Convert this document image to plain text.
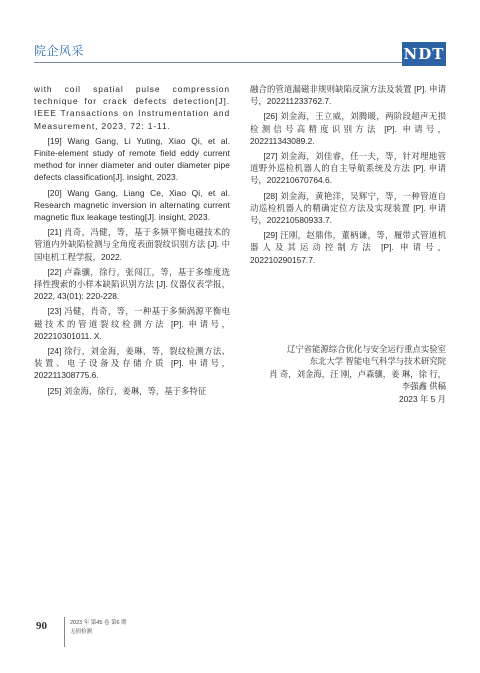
院企风采	NDT

with coil spatial pulse compression technique for crack defects detection[J]. IEEE Transactions on Instrumentation and Measurement, 2023, 72: 1-11.

[19] Wang Gang, Li Yuting, Xiao Qi, et al. Finite-element study of remote field eddy current method for inner diameter and outer diameter pipe defects classification[J]. insight, 2023.

[20] Wang Gang, Liang Ce, Xiao Qi, et al. Research magnetic inversion in alternating current magnetic flux leakage testing[J]. insight, 2023.

[21] 肖奇，冯健，等，基于多频平衡电磁技术的管道内外缺陷检测与全角度表面裂纹识别方法 [J]. 中国电机工程学报，2022.

[22] 卢森骧，徐行，张闯江，等，基于多维度选择性搜索的小样本缺陷识别方法 [J]. 仪器仪表学报，2022, 43(01): 220-228.

[23] 冯健，肖奇，等，一种基于多频涡源平衡电磁技术的管道裂纹检测方法 [P]. 申请号，202210301011. X.

[24] 徐行，刘金海，姜琳，等，裂纹检测方法、装置、电子设备及存储介质 [P]. 申请号，202211308775.6.

[25] 刘金海，徐行，姜琳，等，基于多特征

融合的管道漏磁非规则缺陷反演方法及装置 [P]. 申请号，202211233762.7.

[26] 刘金海，王立威，刘腾暖，两阶段超声无损检测信号高精度识别方法 [P]. 申请号，202211343089.2.

[27] 刘金海，刘佳睿，任一夫，等，针对埋地管道野外巡检机器人的自主导航系统及方法 [P]. 申请号，202210670764.6.

[28] 刘金海，黄艳洋，吴辉宁，等，一种管道自动巡检机器人的精确定位方法及实现装置 [P]. 申请号，202210580933.7.

[29] 汪刚，赵鼎伟，董柄谦，等，履带式管道机器人及其运动控制方法 [P]. 申请号，202210290157.7.

辽宁省能源综合优化与安全运行重点实验室
东北大学 智能电气科学与技术研究院
肖 奇，刘金海，汪 刚，卢森骧，姜 琳，徐 行，
李强鑫 供稿
2023 年 5 月
90	2023 年 第45 卷 第6 期
无损检测
